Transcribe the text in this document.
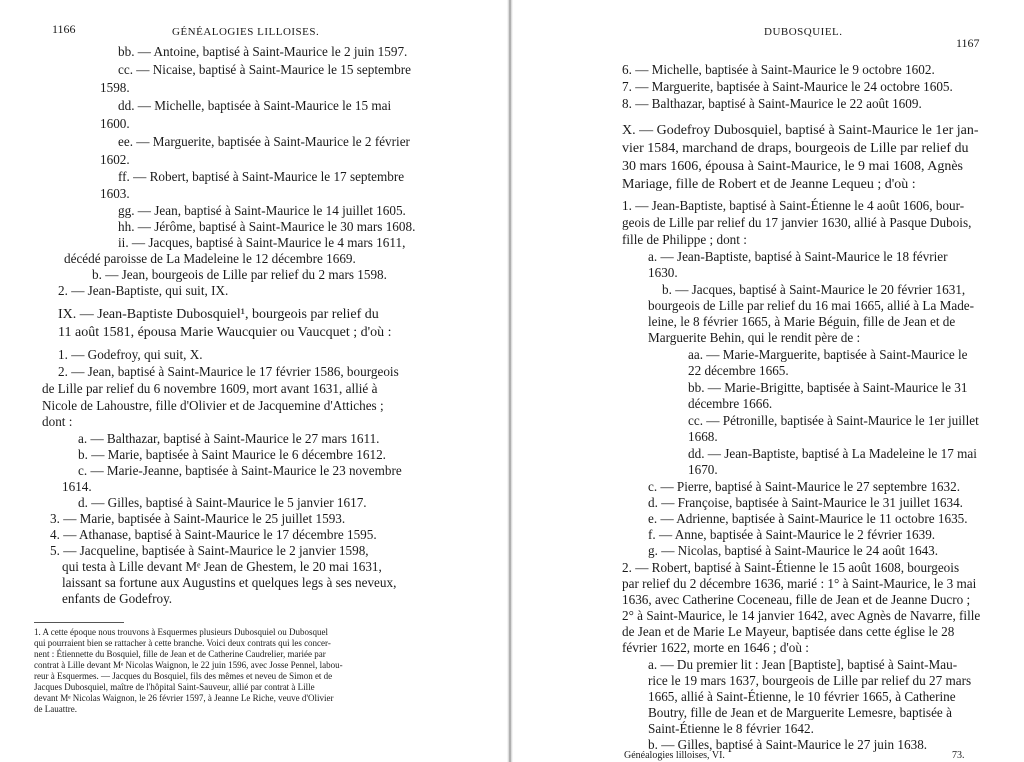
1166	GÉNÉALOGIES LILLOISES.
bb. — Antoine, baptisé à Saint-Maurice le 2 juin 1597.
cc. — Nicaise, baptisé à Saint-Maurice le 15 septembre
1598.
dd. — Michelle, baptisée à Saint-Maurice le 15 mai
1600.
ee. — Marguerite, baptisée à Saint-Maurice le 2 février
1602.
ff. — Robert, baptisé à Saint-Maurice le 17 septembre
1603.
gg. — Jean, baptisé à Saint-Maurice le 14 juillet 1605.
hh. — Jérôme, baptisé à Saint-Maurice le 30 mars 1608.
ii. — Jacques, baptisé à Saint-Maurice le 4 mars 1611,
décédé paroisse de La Madeleine le 12 décembre 1669.
b. — Jean, bourgeois de Lille par relief du 2 mars 1598.
2. — Jean-Baptiste, qui suit, IX.
IX. — Jean-Baptiste Dubosquiel¹, bourgeois par relief du
11 août 1581, épousa Marie Waucquier ou Vaucquet ; d'où :
1. — Godefroy, qui suit, X.
2. — Jean, baptisé à Saint-Maurice le 17 février 1586, bourgeois
de Lille par relief du 6 novembre 1609, mort avant 1631, allié à
Nicole de Lahoustre, fille d'Olivier et de Jacquemine d'Attiches ;
dont :
a. — Balthazar, baptisé à Saint-Maurice le 27 mars 1611.
b. — Marie, baptisée à Saint Maurice le 6 décembre 1612.
c. — Marie-Jeanne, baptisée à Saint-Maurice le 23 novembre
1614.
d. — Gilles, baptisé à Saint-Maurice le 5 janvier 1617.
3. — Marie, baptisée à Saint-Maurice le 25 juillet 1593.
4. — Athanase, baptisé à Saint-Maurice le 17 décembre 1595.
5. — Jacqueline, baptisée à Saint-Maurice le 2 janvier 1598,
qui testa à Lille devant Mᵉ Jean de Ghestem, le 20 mai 1631,
laissant sa fortune aux Augustins et quelques legs à ses neveux,
enfants de Godefroy.
1. A cette époque nous trouvons à Esquermes plusieurs Dubosquiel ou Dubosquel
qui pourraient bien se rattacher à cette branche. Voici deux contrats qui les concer-
nent : Étiennette du Bosquiel, fille de Jean et de Catherine Caudrelier, mariée par
contrat à Lille devant Mᵉ Nicolas Waignon, le 22 juin 1596, avec Josse Pennel, labou-
reur à Esquermes. — Jacques du Bosquiel, fils des mêmes et neveu de Simon et de
Jacques Dubosquiel, maître de l'hôpital Saint-Sauveur, allié par contrat à Lille
devant Mᵉ Nicolas Waignon, le 26 février 1597, à Jeanne Le Riche, veuve d'Olivier
de Lauattre.
DUBOSQUIEL.
1167
6. — Michelle, baptisée à Saint-Maurice le 9 octobre 1602.
7. — Marguerite, baptisée à Saint-Maurice le 24 octobre 1605.
8. — Balthazar, baptisé à Saint-Maurice le 22 août 1609.
X. — Godefroy Dubosquiel, baptisé à Saint-Maurice le 1er jan-
vier 1584, marchand de draps, bourgeois de Lille par relief du
30 mars 1606, épousa à Saint-Maurice, le 9 mai 1608, Agnès
Mariage, fille de Robert et de Jeanne Lequeu ; d'où :
1. — Jean-Baptiste, baptisé à Saint-Étienne le 4 août 1606, bour-
geois de Lille par relief du 17 janvier 1630, allié à Pasque Dubois,
fille de Philippe ; dont :
a. — Jean-Baptiste, baptisé à Saint-Maurice le 18 février
1630.
b. — Jacques, baptisé à Saint-Maurice le 20 février 1631,
bourgeois de Lille par relief du 16 mai 1665, allié à La Made-
leine, le 8 février 1665, à Marie Béguin, fille de Jean et de
Marguerite Behin, qui le rendit père de :
aa. — Marie-Marguerite, baptisée à Saint-Maurice le
22 décembre 1665.
bb. — Marie-Brigitte, baptisée à Saint-Maurice le 31
décembre 1666.
cc. — Pétronille, baptisée à Saint-Maurice le 1er juillet
1668.
dd. — Jean-Baptiste, baptisé à La Madeleine le 17 mai
1670.
c. — Pierre, baptisé à Saint-Maurice le 27 septembre 1632.
d. — Françoise, baptisée à Saint-Maurice le 31 juillet 1634.
e. — Adrienne, baptisée à Saint-Maurice le 11 octobre 1635.
f. — Anne, baptisée à Saint-Maurice le 2 février 1639.
g. — Nicolas, baptisé à Saint-Maurice le 24 août 1643.
2. — Robert, baptisé à Saint-Étienne le 15 août 1608, bourgeois
par relief du 2 décembre 1636, marié : 1° à Saint-Maurice, le 3 mai
1636, avec Catherine Coceneau, fille de Jean et de Jeanne Ducro ;
2° à Saint-Maurice, le 14 janvier 1642, avec Agnès de Navarre, fille
de Jean et de Marie Le Mayeur, baptisée dans cette église le 28
février 1622, morte en 1646 ; d'où :
a. — Du premier lit : Jean [Baptiste], baptisé à Saint-Mau-
rice le 19 mars 1637, bourgeois de Lille par relief du 27 mars
1665, allié à Saint-Étienne, le 10 février 1665, à Catherine
Boutry, fille de Jean et de Marguerite Lemesre, baptisée à
Saint-Étienne le 8 février 1642.
b. — Gilles, baptisé à Saint-Maurice le 27 juin 1638.
Généalogies lilloises, VI.	73.
